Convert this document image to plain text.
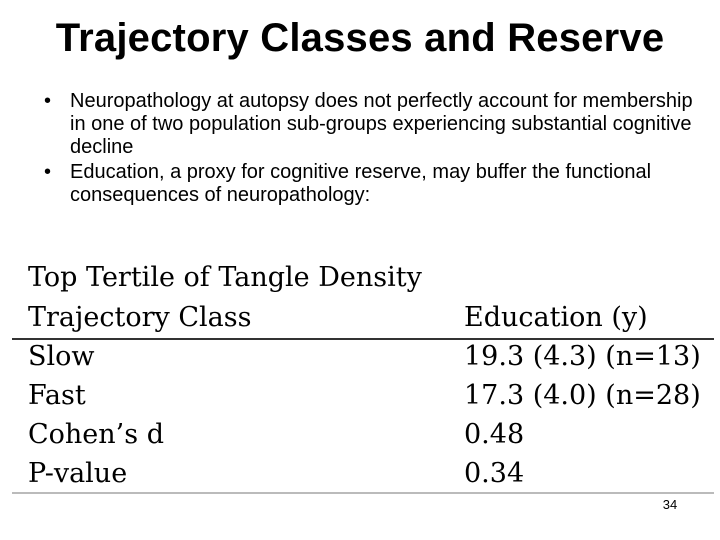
Trajectory Classes and Reserve
• Neuropathology at autopsy does not perfectly account for membership in one of two population sub-groups experiencing substantial cognitive decline
• Education, a proxy for cognitive reserve, may buffer the functional consequences of neuropathology:
Top Tertile of Tangle Density
Trajectory Class	Education (y)
Slow	19.3 (4.3) (n=13)
Fast	17.3 (4.0) (n=28)
Cohen’s d	0.48
P-value	0.34
34
